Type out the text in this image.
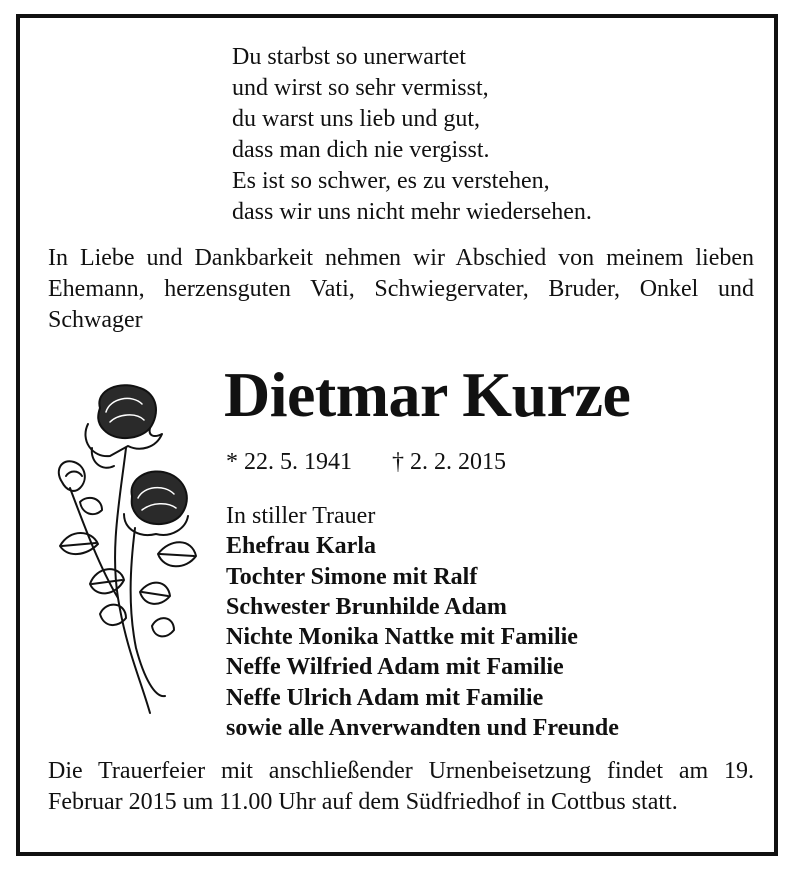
Du starbst so unerwartet
und wirst so sehr vermisst,
du warst uns lieb und gut,
dass man dich nie vergisst.
Es ist so schwer, es zu verstehen,
dass wir uns nicht mehr wiedersehen.
In Liebe und Dankbarkeit nehmen wir Abschied von meinem lieben Ehemann, herzensguten Vati, Schwiegervater, Bruder, Onkel und Schwager
Dietmar Kurze
* 22. 5. 1941 † 2. 2. 2015
In stiller Trauer
Ehefrau Karla
Tochter Simone mit Ralf
Schwester Brunhilde Adam
Nichte Monika Nattke mit Familie
Neffe Wilfried Adam mit Familie
Neffe Ulrich Adam mit Familie
sowie alle Anverwandten und Freunde
Die Trauerfeier mit anschließender Urnenbeisetzung findet am 19. Februar 2015 um 11.00 Uhr auf dem Südfriedhof in Cottbus statt.
